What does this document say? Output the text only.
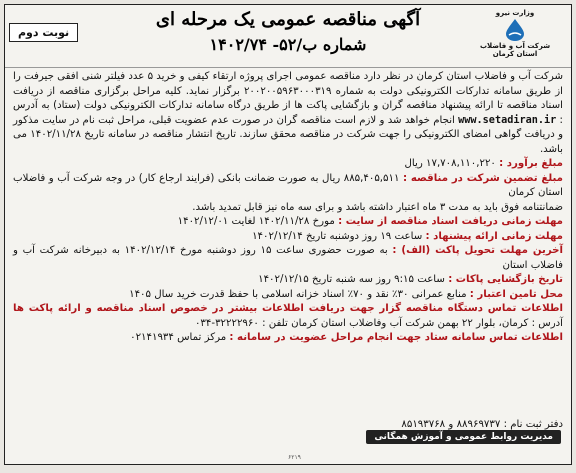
وزارت نیرو
شرکت آب و فاضلاب
استان کرمان
آگهی مناقصه عمومی یک مرحله ای
شماره ب/۵۲- ۱۴۰۲/۷۴
نوبت دوم

شرکت آب و فاضلاب استان کرمان در نظر دارد مناقصه عمومی اجرای پروژه ارتقاء کیفی و خرید ۵ عدد فیلتر شنی افقی جیرفت را از طریق سامانه تدارکات الکترونیکی دولت به شماره ۲۰۰۲۰۰۵۹۶۳۰۰۰۳۱۹ برگزار نماید. کلیه مراحل برگزاری مناقصه از دریافت اسناد مناقصه تا ارائه پیشنهاد مناقصه گران و بازگشایی پاکت ها از طریق درگاه سامانه تدارکات الکترونیکی دولت (ستاد) به آدرس : www.setadiran.ir انجام خواهد شد و لازم است مناقصه گران در صورت عدم عضویت قبلی، مراحل ثبت نام در سایت مذکور و دریافت گواهی امضای الکترونیکی را جهت شرکت در مناقصه محقق سازند. تاریخ انتشار مناقصه در سامانه تاریخ ۱۴۰۲/۱۱/۲۸ می باشد.

مبلغ برآورد : ۱۷,۷۰۸,۱۱۰,۲۲۰ ریال

مبلغ تضمین شرکت در مناقصه : ۸۸۵,۴۰۵,۵۱۱ ریال به صورت ضمانت بانکی (فرایند ارجاع کار) در وجه شرکت آب و فاضلاب استان کرمان

ضمانتنامه فوق باید به مدت ۳ ماه اعتبار داشته باشد و برای سه ماه نیز قابل تمدید باشد.

مهلت زمانی دریافت اسناد مناقصه از سایت : مورخ ۱۴۰۲/۱۱/۲۸ لغایت ۱۴۰۲/۱۲/۰۱

مهلت زمانی ارائه پیشنهاد : ساعت ۱۹ روز دوشنبه تاریخ ۱۴۰۲/۱۲/۱۴

آخرین مهلت تحویل پاکت (الف) : به صورت حضوری ساعت ۱۵ روز دوشنبه مورخ ۱۴۰۲/۱۲/۱۴ به دبیرخانه شرکت آب و فاضلاب استان

تاریخ بازگشایی پاکات : ساعت ۹:۱۵ روز سه شنبه تاریخ ۱۴۰۲/۱۲/۱۵

محل تامین اعتبار : منابع عمرانی ۳۰٪ نقد و ۷۰٪ اسناد خزانه اسلامی با حفظ قدرت خرید سال ۱۴۰۵

اطلاعات تماس دستگاه مناقصه گزار جهت دریافت اطلاعات بیشتر در خصوص اسناد مناقصه و ارائه پاکت ها آدرس : کرمان، بلوار ۲۲ بهمن شرکت آب وفاضلاب استان کرمان تلفن : ۳۲۲۲۲۹۶۰-۰۳۴

اطلاعات تماس سامانه ستاد جهت انجام مراحل عضویت در سامانه : مرکز تماس ۰۲۱۴۱۹۳۴

دفتر ثبت نام : ۸۸۹۶۹۷۳۷ و ۸۵۱۹۳۷۶۸
مدیریت روابط عمومی و آموزش همگانی
۶۲۱۹
